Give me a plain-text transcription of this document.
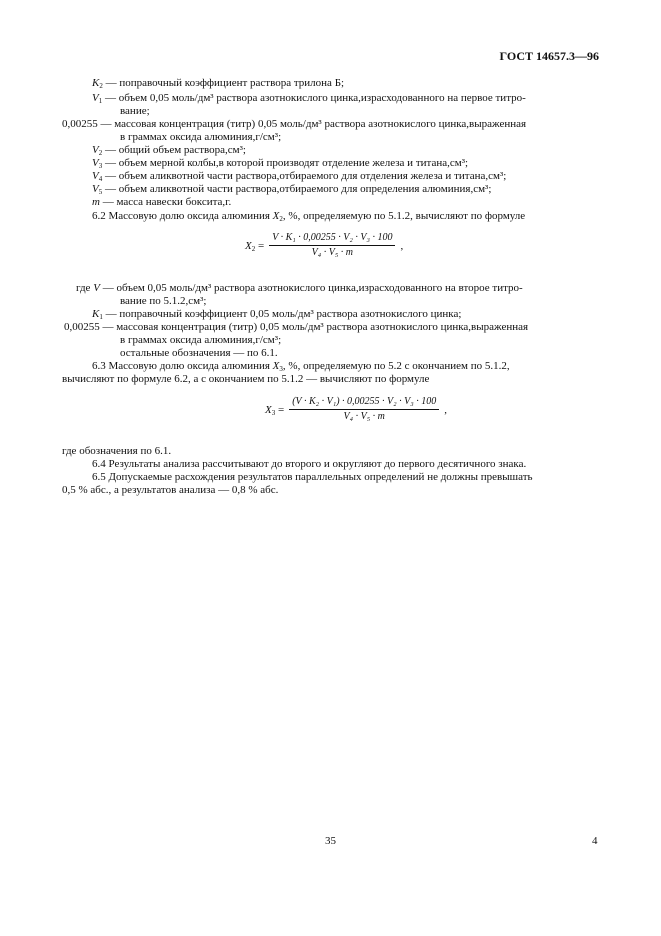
ГОСТ 14657.3—96
$K_2$ — поправочный коэффициент раствора трилона Б;
$V_1$ — объем 0,05 моль/дм³ раствора азотнокислого цинка,израсходованного на первое титро-
вание;
0,00255 — массовая концентрация (титр) 0,05 моль/дм³ раствора азотнокислого цинка,выраженная
в граммах оксида алюминия,г/см³;
$V_2$ — общий объем раствора,см³;
$V_3$ — объем мерной колбы,в которой производят отделение железа и титана,см³;
$V_4$ — объем аликвотной части раствора,отбираемого для отделения железа и титана,см³;
$V_5$ — объем аликвотной части раствора,отбираемого для определения алюминия,см³;
m — масса навески боксита,г.
6.2 Массовую долю оксида алюминия $X_2$, %, определяемую по 5.1.2, вычисляют по формуле
$X_2 = \frac{\text{V · K₁ · 0,00255 · V₂ · V₃ · 100}}{\text{V₄ · V₅ · m}}$ ,
где V — объем 0,05 моль/дм³ раствора азотнокислого цинка,израсходованного на второе титро-
вание по 5.1.2,см³;
$K_1$ — поправочный коэффициент 0,05 моль/дм³ раствора азотнокислого цинка;
0,00255 — массовая концентрация (титр) 0,05 моль/дм³ раствора азотнокислого цинка,выраженная
в граммах оксида алюминия,г/см³;
остальные обозначения — по 6.1.
6.3 Массовую долю оксида алюминия $X_3$, %, определяемую по 5.2 с окончанием по 5.1.2,
вычисляют по формуле 6.2, а с окончанием по 5.1.2 — вычисляют по формуле
$X_3 = \frac{\text{(V · K₂ · V₁) · 0,00255 · V₂ · V₃ · 100}}{\text{V₄ · V₅ · m}}$ ,
где обозначения по 6.1.
6.4 Результаты анализа рассчитывают до второго и округляют до первого десятичного знака.
6.5 Допускаемые расхождения результатов параллельных определений не должны превышать
0,5 % абс., а результатов анализа — 0,8 % абс.
35	4
